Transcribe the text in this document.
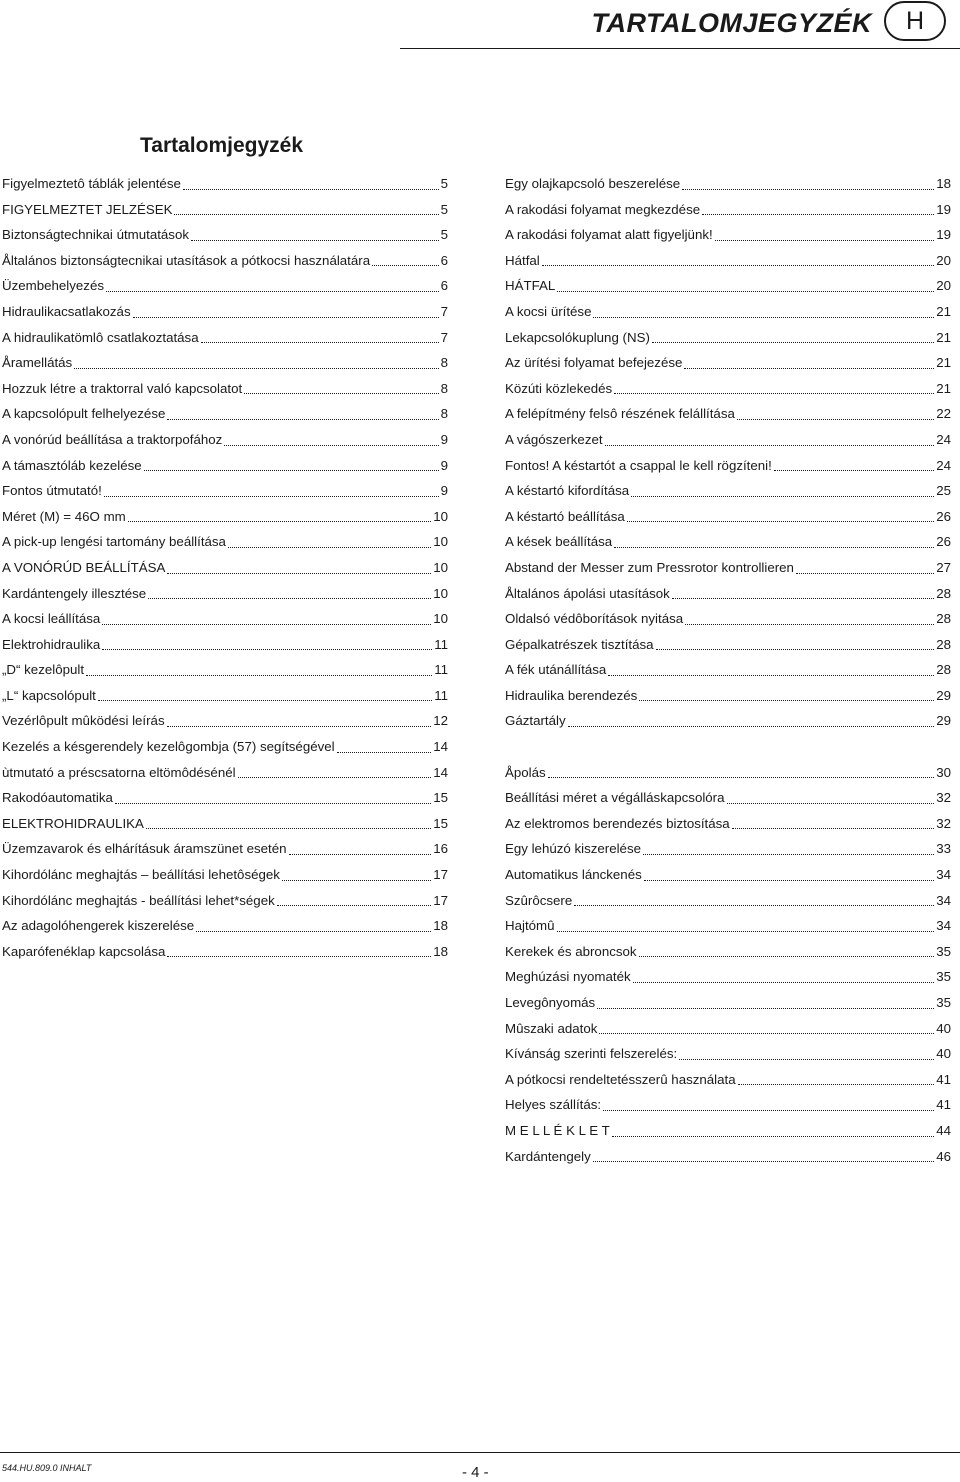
TARTALOMJEGYZÉK	H
Tartalomjegyzék
Figyelmeztetô táblák jelentése	5
FIGYELMEZTET JELZÉSEK	5
Biztonságtechnikai útmutatások	5
Åltalános biztonságtecnikai utasítások a pótkocsi használatára	6
Üzembehelyezés	6
Hidraulikacsatlakozás	7
A hidraulikatömlô csatlakoztatása	7
Åramellátás	8
Hozzuk létre a traktorral való kapcsolatot	8
A kapcsolópult felhelyezése	8
A vonórúd beállítása a traktorpofához	9
A támasztóláb kezelése	9
Fontos útmutató!	9
Méret (M) = 46O mm	10
A pick-up lengési tartomány beállítása	10
A VONÓRÚD BEÁLLÍTÁSA	10
Kardántengely illesztése	10
A kocsi leállítása	10
Elektrohidraulika	11
„D“ kezelôpult	11
„L“ kapcsolópult	11
Vezérlôpult mûködési leírás	12
Kezelés a késgerendely kezelôgombja (57) segítségével	14
ùtmutató a préscsatorna eltömôdésénél	14
Rakodóautomatika	15
ELEKTROHIDRAULIKA	15
Üzemzavarok és elhárításuk áramszünet esetén	16
Kihordólánc meghajtás – beállítási lehetôségek	17
Kihordólánc meghajtás - beállítási lehet*ségek	17
Az adagolóhengerek kiszerelése	18
Kaparófenéklap kapcsolása	18
Egy olajkapcsoló beszerelése	18
A rakodási folyamat megkezdése	19
A rakodási folyamat alatt figyeljünk!	19
Hátfal	20
HÁTFAL	20
A kocsi ürítése	21
Lekapcsolókuplung (NS)	21
Az ürítési folyamat befejezése	21
Közúti közlekedés	21
A felépítmény felsô részének felállítása	22
A vágószerkezet	24
Fontos! A késtartót a csappal le kell rögzíteni!	24
A késtartó kifordítása	25
A késtartó beállítása	26
A kések beállítása	26
Abstand der Messer zum Pressrotor kontrollieren	27
Åltalános ápolási utasítások	28
Oldalsó védôborítások nyitása	28
Gépalkatrészek tisztítása	28
A fék utánállítása	28
Hidraulika berendezés	29
Gáztartály	29
Åpolás	30
Beállítási méret a végálláskapcsolóra	32
Az elektromos berendezés biztosítása	32
Egy lehúzó kiszerelése	33
Automatikus lánckenés	34
Szûrôcsere	34
Hajtómû	34
Kerekek és abroncsok	35
Meghúzási nyomaték	35
Levegônyomás	35
Mûszaki adatok	40
Kívánság szerinti felszerelés:	40
A pótkocsi rendeltetésszerû használata	41
Helyes szállítás:	41
M E L L É K L E T	44
Kardántengely	46
544.HU.809.0 INHALT	- 4 -
